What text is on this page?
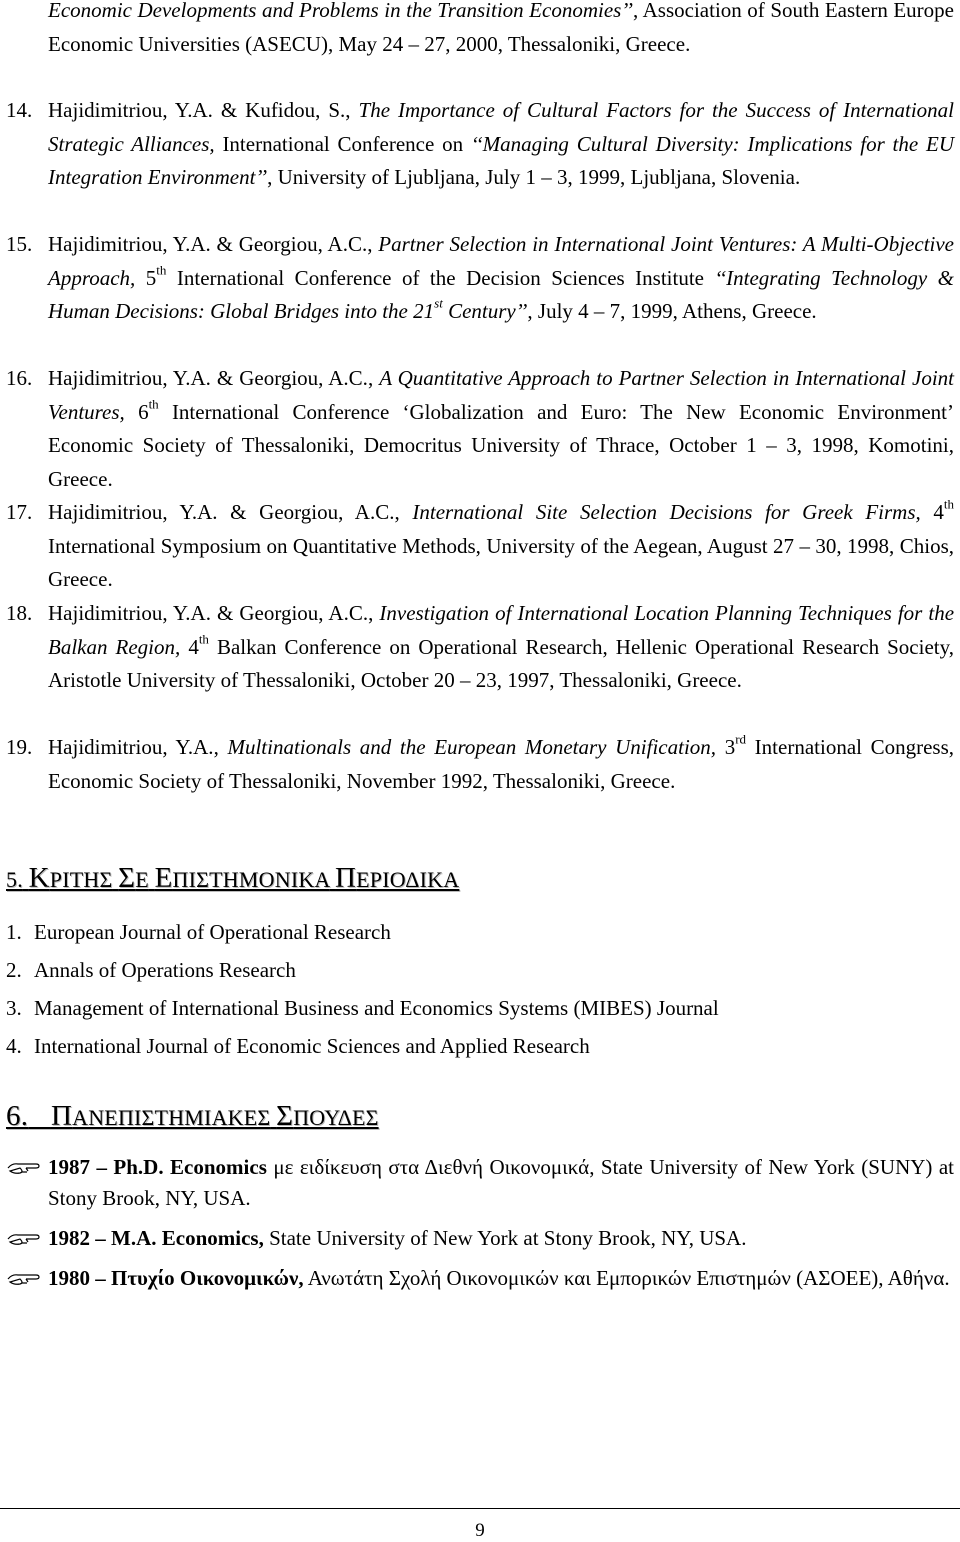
Economic Developments and Problems in the Transition Economies’’, Association of South Eastern Europe Economic Universities (ASECU), May 24 – 27, 2000, Thessaloniki, Greece.
14. Hajidimitriou, Y.A. & Kufidou, S., The Importance of Cultural Factors for the Success of International Strategic Alliances, International Conference on ‘‘Managing Cultural Diversity: Implications for the EU Integration Environment’’, University of Ljubljana, July 1 – 3, 1999, Ljubljana, Slovenia.
15. Hajidimitriou, Y.A. & Georgiou, A.C., Partner Selection in International Joint Ventures: A Multi-Objective Approach, 5th International Conference of the Decision Sciences Institute ‘‘Integrating Technology & Human Decisions: Global Bridges into the 21st Century’’, July 4 – 7, 1999, Athens, Greece.
16. Hajidimitriou, Y.A. & Georgiou, A.C., A Quantitative Approach to Partner Selection in International Joint Ventures, 6th International Conference ‘Globalization and Euro: The New Economic Environment’ Economic Society of Thessaloniki, Democritus University of Thrace, October 1 – 3, 1998, Komotini, Greece.
17. Hajidimitriou, Y.A. & Georgiou, A.C., International Site Selection Decisions for Greek Firms, 4th International Symposium on Quantitative Methods, University of the Aegean, August 27 – 30, 1998, Chios, Greece.
18. Hajidimitriou, Y.A. & Georgiou, A.C., Investigation of International Location Planning Techniques for the Balkan Region, 4th Balkan Conference on Operational Research, Hellenic Operational Research Society, Aristotle University of Thessaloniki, October 20 – 23, 1997, Thessaloniki, Greece.
19. Hajidimitriou, Y.A., Multinationals and the European Monetary Unification, 3rd International Congress, Economic Society of Thessaloniki, November 1992, Thessaloniki, Greece.
5. ΚΡΙΤΗΣ ΣΕ ΕΠΙΣΤΗΜΟΝΙΚΑ ΠΕΡΙΟΔΙΚΑ
1. European Journal of Operational Research
2. Annals of Operations Research
3. Management of International Business and Economics Systems (MIBES) Journal
4. International Journal of Economic Sciences and Applied Research
6. ΠΑΝΕΠΙΣΤΗΜΙΑΚΕΣ ΣΠΟΥΔΕΣ
1987 – Ph.D. Economics με ειδίκευση στα Διεθνή Οικονομικά, State University of New York (SUNY) at Stony Brook, NY, USA.
1982 – M.A. Economics, State University of New York at Stony Brook, NY, USA.
1980 – Πτυχίο Οικονομικών, Ανωτάτη Σχολή Οικονομικών και Εμπορικών Επιστημών (ΑΣΟΕΕ), Αθήνα.
9
